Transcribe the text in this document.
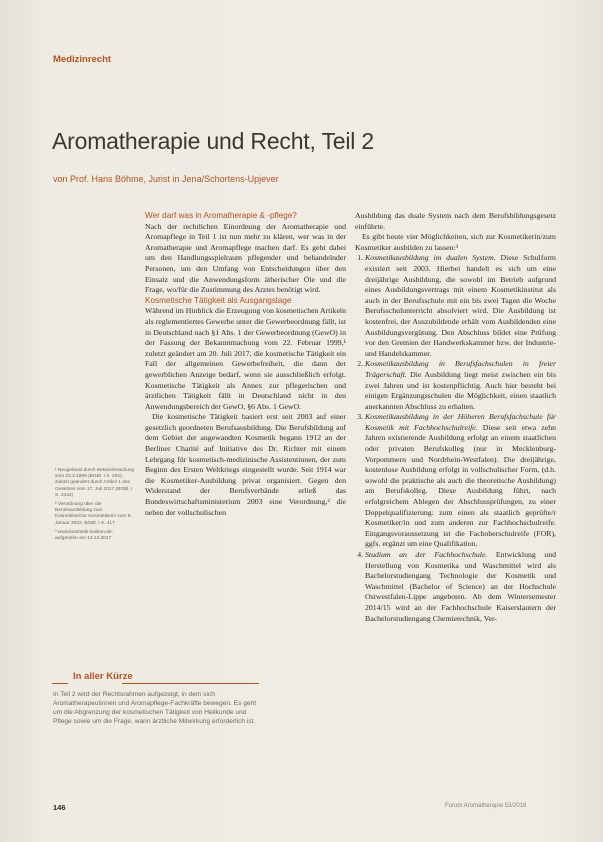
Medizinrecht
Aromatherapie und Recht, Teil 2
von Prof. Hans Böhme, Jurist in Jena/Schortens-Upjever
Wer darf was in Aromatherapie & -pflege?

Nach der rechtlichen Einordnung der Aromatherapie und Aromapflege in Teil 1 ist nun mehr zu klären, wer was in der Aromatherapie und Aromapflege machen darf. Es geht dabei um den Handlungsspielraum pflegender und behandelnder Personen, um den Umfang von Entscheidungen über den Einsatz und die Anwendungsform ätherischer Öle und die Frage, wo/für die Zustimmung des Arztes benötigt wird.

Kosmetische Tätigkeit als Ausgangslage

Während im Hinblick die Erzeugung von kosmetischen Artikeln als reglementiertes Gewerbe unter die Gewerbeordnung fällt, ist in Deutschland nach §1 Abs. 1 der Gewerbeordnung (GewO) in der Fassung der Bekanntmachung vom 22. Februar 1999,¹ zuletzt geändert am 20. Juli 2017, die kosmetische Tätigkeit ein Fall der allgemeinen Gewerbefreiheit, die dann der gewerblichen Anzeige bedarf, wenn sie ausschließlich erfolgt. Kosmetische Tätigkeit als Annex zur pflegerischen und ärztlichen Tätigkeit fällt in Deutschland nicht in den Anwendungsbereich der GewO, §6 Abs. 1 GewO.

Die kosmetische Tätigkeit basiert erst seit 2003 auf einer gesetzlich geordneten Berufsausbildung. Die Berufsbildung auf dem Gebiet der angewandten Kosmetik begann 1912 an der Berliner Charité auf Initiative des Dr. Richter mit einem Lehrgang für kosmetisch-medizinische Assistentinnen, der zum Beginn des Ersten Weltkriegs eingestellt wurde. Seit 1914 war die Kosmetiker-Ausbildung privat organisiert. Gegen den Widerstand der Berufsverbände erließ das Bundeswirtschaftsministerium 2003 eine Verordnung,² die neben der vollschulischen

Ausbildung das duale System nach dem Berufsbildungsgesetz einführte.

Es gibt heute vier Möglichkeiten, sich zur Kosmetikerin/zum Kosmetiker ausbilden zu lassen:³

1. Kosmetikausbildung im dualen System. Diese Schulform existiert seit 2003. Hierbei handelt es sich um eine dreijährige Ausbildung, die sowohl im Betrieb aufgrund eines Ausbildungsvertrags mit einem Kosmetikinstitut als auch in der Berufsschule mit ein bis zwei Tagen die Woche Berufsschulunterricht absolviert wird. Die Ausbildung ist kostenfrei, der Auszubildende erhält vom Ausbildenden eine Ausbildungsvergütung. Den Abschluss bildet eine Prüfung vor den Gremien der Handwerkskammer bzw. der Industrie- und Handelskammer.
2. Kosmetikausbildung in Berufsfachschulen in freier Trägerschaft. Die Ausbildung liegt meist zwischen ein bis zwei Jahren und ist kostenpflichtig. Auch hier besteht bei einigen Ergänzungsschulen die Möglichkeit, einen staatlich anerkannten Abschluss zu erhalten.
3. Kosmetikausbildung in der Höheren Berufsfachschule für Kosmetik mit Fachhochschulreife. Diese seit etwa zehn Jahren existierende Ausbildung erfolgt an einem staatlichen oder privaten Berufskolleg (nur in Mecklenburg-Vorpommern und Nordrhein-Westfalen). Die dreijährige, kostenlose Ausbildung erfolgt in vollschulischer Form, (d.h. sowohl die praktische als auch die theoretische Ausbildung) am Berufskolleg. Diese Ausbildung führt, nach erfolgreichem Ablegen der Abschlussprüfungen, zu einer Doppelqualifizierung: zum einen als staatlich geprüfte/r Kosmetiker/in und zum anderen zur Fachhochschulreife. Eingangsvoraussetzung ist die Fachoberschulreife (FOR), ggfs. ergänzt um eine Qualifikation.
4. Studium an der Fachhochschule. Entwicklung und Herstellung von Kosmetika und Waschmittel wird als Bachelorstudiengang Technologie der Kosmetik und Waschmittel (Bachelor of Science) an der Hochschule Ostwestfalen-Lippe angeboten. Ab dem Wintersemester 2014/15 wird an der Fachhochschule Kaiserslautern der Bachelorstudiengang Chemietechnik, Ver-

¹ Neugefasst durch Bekanntmachung vom 22.2.1999 (BGBl. I S. 202), zuletzt geändert durch Artikel 1 des Gesetzes vom 17. Juli 2017 (BGBl. I S. 2434)

² Verordnung über die Berufsausbildung zum Kosmetiker/zur Kosmetikerin vom 9. Januar 2002, BGBl. I S. 417

³ www.kosmetik-lexikon.de, aufgerufen am 13.12.2017

In aller Kürze

In Teil 2 wird der Rechtsrahmen aufgezeigt, in dem sich Aromatherapeutinnen und Aromapflege-Fachkräfte bewegen. Es geht um die Abgrenzung der kosmetischen Tätigkeit von Heilkunde und Pflege sowie um die Frage, wann ärztliche Mitwirkung erforderlich ist.

146	Forum Aromatherapie 53/2018
